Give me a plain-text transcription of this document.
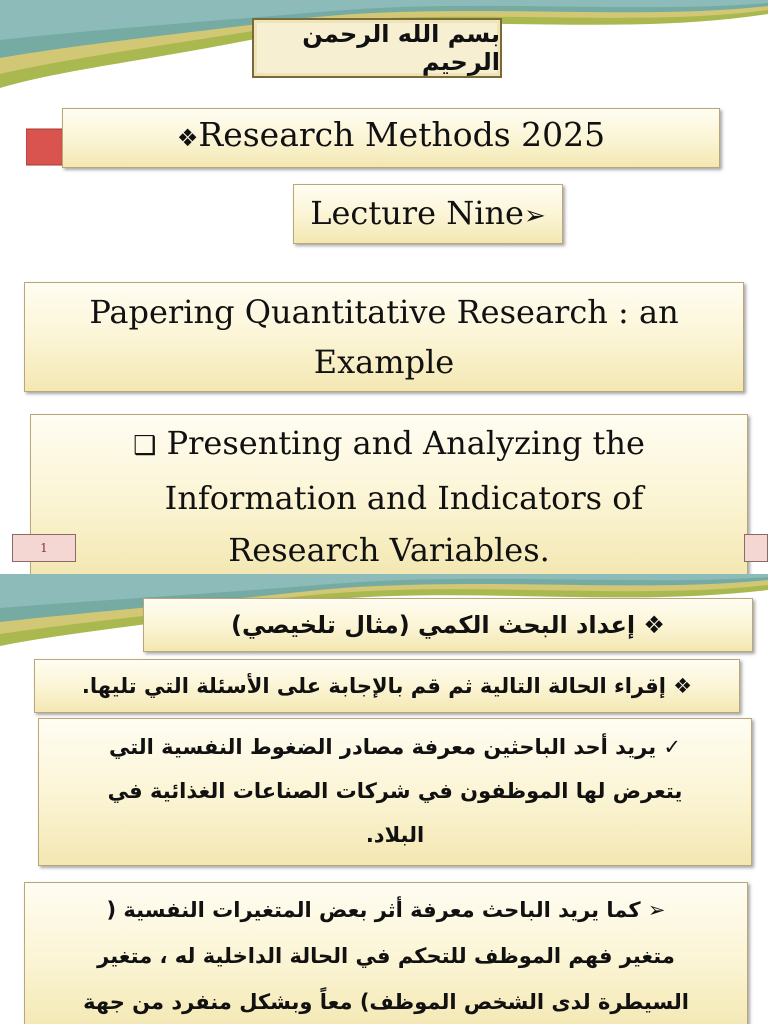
بسم الله الرحمن الرحيم
❖Research Methods 2025
Lecture Nine➢
Papering Quantitative Research : an
Example
❑ Presenting and Analyzing the
Information and Indicators of
Research Variables.
1
❖ إعداد البحث الكمي (مثال تلخيصي)
❖ إقراء الحالة التالية ثم قم بالإجابة على الأسئلة التي تليها.
✓ يريد أحد الباحثين معرفة مصادر الضغوط النفسية التي
يتعرض لها الموظفون في شركات الصناعات الغذائية في
البلاد.
➢ كما يريد الباحث معرفة أثر بعض المتغيرات النفسية (
متغير فهم الموظف للتحكم في الحالة الداخلية له ، متغير
السيطرة لدى الشخص الموظف) معاً وبشكل منفرد من جهة
